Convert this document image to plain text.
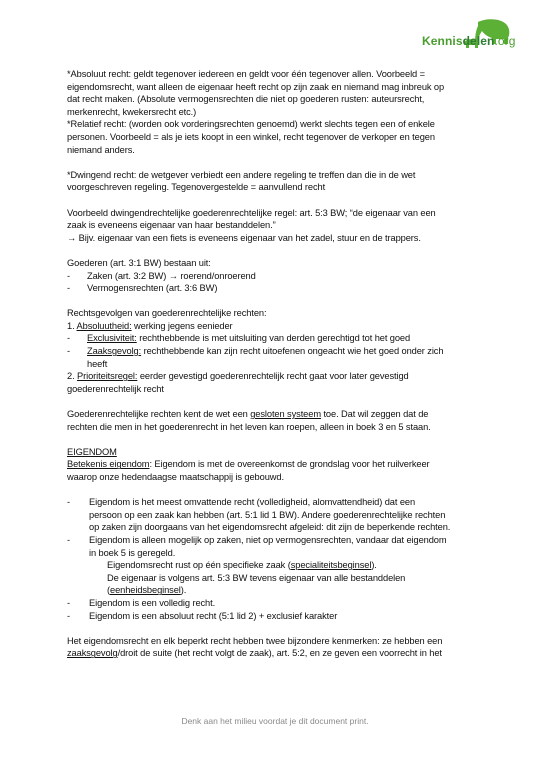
Kennisdelen.org

*Absoluut recht: geldt tegenover iedereen en geldt voor één tegenover allen. Voorbeeld =

eigendomsrecht, want alleen de eigenaar heeft recht op zijn zaak en niemand mag inbreuk op

dat recht maken. (Absolute vermogensrechten die niet op goederen rusten: auteursrecht,

merkenrecht, kwekersrecht etc.)

*Relatief recht: (worden ook vorderingsrechten genoemd) werkt slechts tegen een of enkele

personen. Voorbeeld = als je iets koopt in een winkel, recht tegenover de verkoper en tegen

niemand anders.

*Dwingend recht: de wetgever verbiedt een andere regeling te treffen dan die in de wet

voorgeschreven regeling. Tegenovergestelde = aanvullend recht

Voorbeeld dwingendrechtelijke goederenrechtelijke regel: art. 5:3 BW; “de eigenaar van een

zaak is eveneens eigenaar van haar bestanddelen.”

→ Bijv. eigenaar van een fiets is eveneens eigenaar van het zadel, stuur en de trappers.

Goederen (art. 3:1 BW) bestaan uit:

-	Zaken (art. 3:2 BW) → roerend/onroerend
-	Vermogensrechten (art. 3:6 BW)

Rechtsgevolgen van goederenrechtelijke rechten:

1. Absoluutheid: werking jegens eenieder

-	Exclusiviteit: rechthebbende is met uitsluiting van derden gerechtigd tot het goed
-	Zaaksgevolg: rechthebbende kan zijn recht uitoefenen ongeacht wie het goed onder zich
heeft

2. Prioriteitsregel: eerder gevestigd goederenrechtelijk recht gaat voor later gevestigd

goederenrechtelijk recht

Goederenrechtelijke rechten kent de wet een gesloten systeem toe. Dat wil zeggen dat de

rechten die men in het goederenrecht in het leven kan roepen, alleen in boek 3 en 5 staan.

EIGENDOM

Betekenis eigendom: Eigendom is met de overeenkomst de grondslag voor het ruilverkeer

waarop onze hedendaagse maatschappij is gebouwd.

-	Eigendom is het meest omvattende recht (volledigheid, alomvattendheid) dat een
persoon op een zaak kan hebben (art. 5:1 lid 1 BW). Andere goederenrechtelijke rechten
op zaken zijn doorgaans van het eigendomsrecht afgeleid: dit zijn de beperkende rechten.
-	Eigendom is alleen mogelijk op zaken, niet op vermogensrechten, vandaar dat eigendom
in boek 5 is geregeld.

Eigendomsrecht rust op één specifieke zaak (specialiteitsbeginsel).

De eigenaar is volgens art. 5:3 BW tevens eigenaar van alle bestanddelen

(eenheidsbeginsel).

-	Eigendom is een volledig recht.
-	Eigendom is een absoluut recht (5:1 lid 2) + exclusief karakter

Het eigendomsrecht en elk beperkt recht hebben twee bijzondere kenmerken: ze hebben een

zaaksgevolg/droit de suite (het recht volgt de zaak), art. 5:2, en ze geven een voorrecht in het

Denk aan het milieu voordat je dit document print.
